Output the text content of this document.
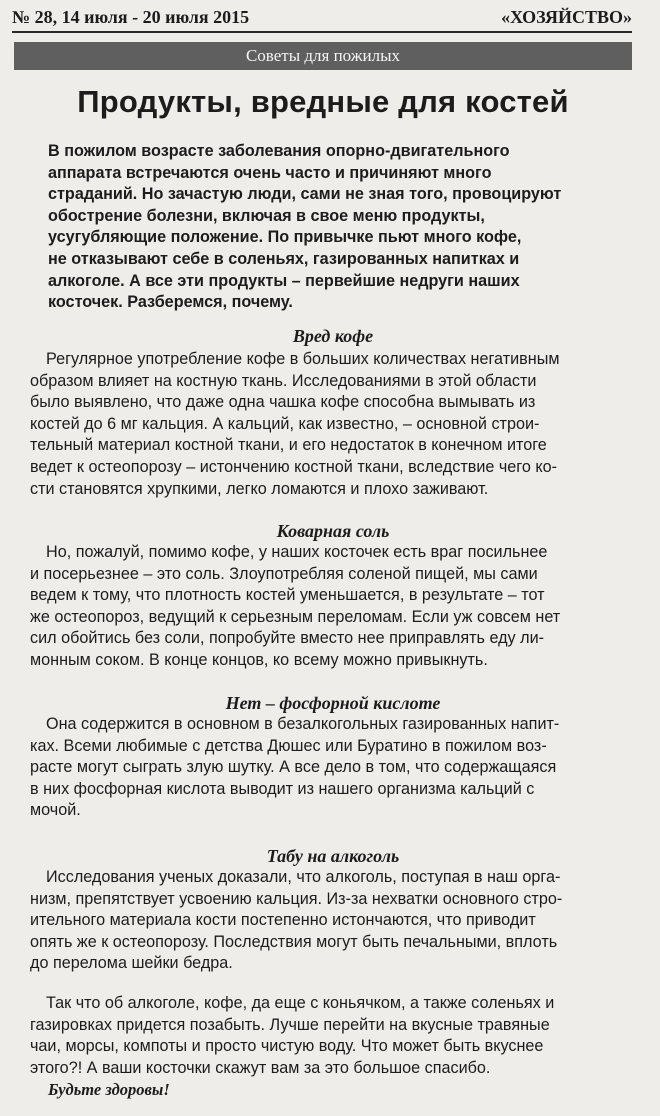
№ 28, 14 июля - 20 июля 2015	«ХОЗЯЙСТВО»
Советы для пожилых
Продукты, вредные для костей
В пожилом возрасте заболевания опорно-двигательного
аппарата встречаются очень часто и причиняют много
страданий. Но зачастую люди, сами не зная того, провоцируют
обострение болезни, включая в свое меню продукты,
усугубляющие положение. По привычке пьют много кофе,
не отказывают себе в соленьях, газированных напитках и
алкоголе. А все эти продукты – первейшие недруги наших
косточек. Разберемся, почему.
Вред кофе
Регулярное употребление кофе в больших количествах негативным
образом влияет на костную ткань. Исследованиями в этой области
было выявлено, что даже одна чашка кофе способна вымывать из
костей до 6 мг кальция. А кальций, как известно, – основной строи-
тельный материал костной ткани, и его недостаток в конечном итоге
ведет к остеопорозу – истончению костной ткани, вследствие чего ко-
сти становятся хрупкими, легко ломаются и плохо заживают.
Коварная соль
Но, пожалуй, помимо кофе, у наших косточек есть враг посильнее
и посерьезнее – это соль. Злоупотребляя соленой пищей, мы сами
ведем к тому, что плотность костей уменьшается, в результате – тот
же остеопороз, ведущий к серьезным переломам. Если уж совсем нет
сил обойтись без соли, попробуйте вместо нее приправлять еду ли-
монным соком. В конце концов, ко всему можно привыкнуть.
Нет – фосфорной кислоте
Она содержится в основном в безалкогольных газированных напит-
ках. Всеми любимые с детства Дюшес или Буратино в пожилом воз-
расте могут сыграть злую шутку. А все дело в том, что содержащаяся
в них фосфорная кислота выводит из нашего организма кальций с
мочой.
Табу на алкоголь
Исследования ученых доказали, что алкоголь, поступая в наш орга-
низм, препятствует усвоению кальция. Из-за нехватки основного стро-
ительного материала кости постепенно истончаются, что приводит
опять же к остеопорозу. Последствия могут быть печальными, вплоть
до перелома шейки бедра.
Так что об алкоголе, кофе, да еще с коньячком, а также соленьях и
газировках придется позабыть. Лучше перейти на вкусные травяные
чаи, морсы, компоты и просто чистую воду. Что может быть вкуснее
этого?! А ваши косточки скажут вам за это большое спасибо.
Будьте здоровы!
